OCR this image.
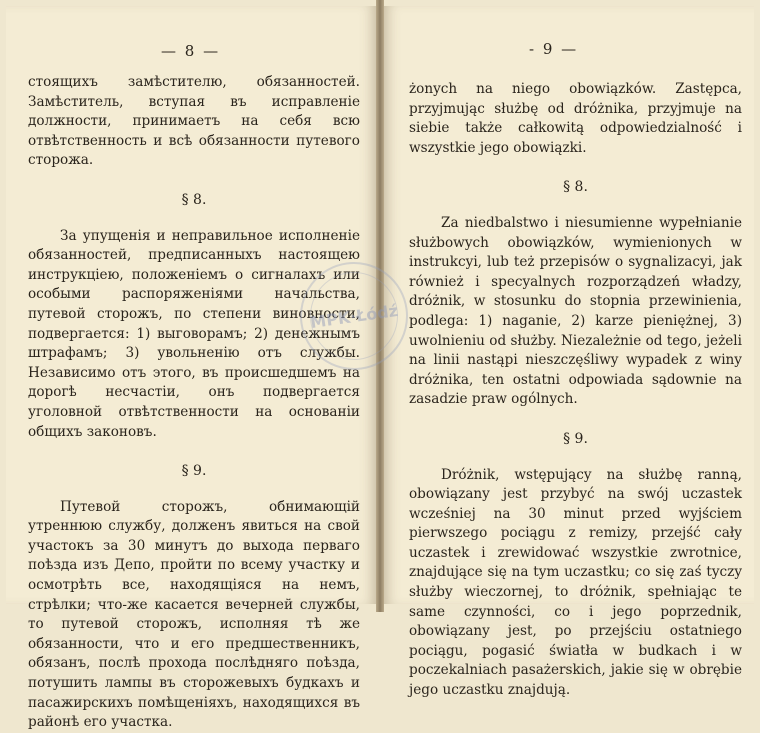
— 8 —

стоящихъ замѣстителю, обязанностей. Замѣститель, вступая въ исправленіе должности, принимаетъ на себя всю отвѣтственность и всѣ обязанности путевого сторожа.

§ 8.

За упущенія и неправильное исполненіе обязанностей, предписанныхъ настоящею инструкціею, положеніемъ о сигналахъ или особыми распоряженіями начальства, путевой сторожъ, по степени виновности, подвергается: 1) выговорамъ; 2) денежнымъ штрафамъ; 3) увольненію отъ службы. Независимо отъ этого, въ происшедшемъ на дорогѣ несчастіи, онъ подвергается уголовной отвѣтственности на основаніи общихъ законовъ.

§ 9.

Путевой сторожъ, обнимающій утреннюю службу, долженъ явиться на свой участокъ за 30 минутъ до выхода перваго поѣзда изъ Депо, пройти по всему участку и осмотрѣть все, находящіяся на немъ, стрѣлки; что-же касается вечерней службы, то путевой сторожъ, исполняя тѣ же обязанности, что и его предшественникъ, обязанъ, послѣ прохода послѣдняго поѣзда, потушить лампы въ сторожевыхъ будкахъ и пасажирскихъ помѣщеніяхъ, находящихся въ районѣ его участка.

- 9 —

żonych na niego obowiązków. Zastępca, przyjmując służbę od dróżnika, przyjmuje na siebie także całkowitą odpowiedzialność i wszystkie jego obowiązki.

§ 8.

Za niedbalstwo i niesumienne wypełnianie służbowych obowiązków, wymienionych w instrukcyi, lub też przepisów o sygnalizacyi, jak również i specyalnych rozporządzeń władzy, dróżnik, w stosunku do stopnia przewinienia, podlega: 1) naganie, 2) karze pieniężnej, 3) uwolnieniu od służby. Niezależnie od tego, jeżeli na linii nastąpi nieszczęśliwy wypadek z winy dróżnika, ten ostatni odpowiada sądownie na zasadzie praw ogólnych.

§ 9.

Dróżnik, wstępujący na służbę ranną, obowiązany jest przybyć na swój uczastek wcześniej na 30 minut przed wyjściem pierwszego pociągu z remizy, przejść cały uczastek i zrewidować wszystkie zwrotnice, znajdujące się na tym uczastku; co się zaś tyczy służby wieczornej, to dróżnik, spełniając te same czynności, co i jego poprzednik, obowiązany jest, po przejściu ostatniego pociągu, pogasić światła w budkach i w poczekalniach pasażerskich, jakie się w obrębie jego uczastku znajdują.

MPK·Łódź
